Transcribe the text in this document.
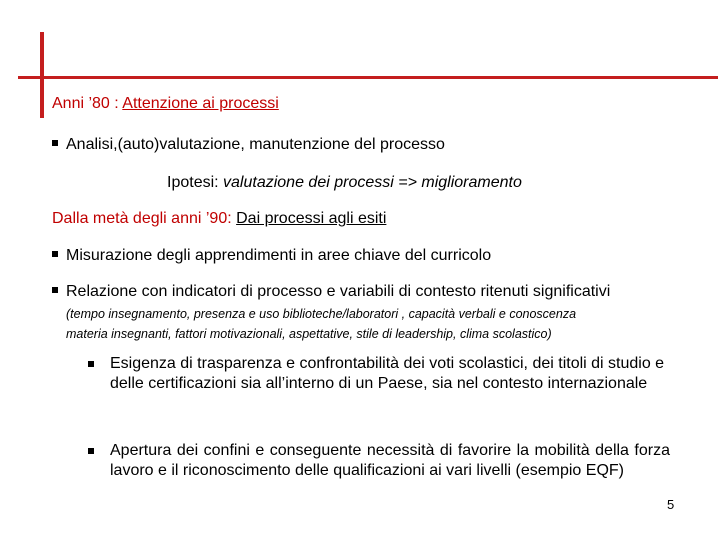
Anni ’80 : Attenzione ai processi
Analisi,(auto)valutazione, manutenzione del processo
Ipotesi: valutazione dei processi => miglioramento
Dalla metà degli anni ’90: Dai processi agli esiti
Misurazione degli apprendimenti in aree chiave del curricolo
Relazione con indicatori di processo e variabili di contesto ritenuti significativi
(tempo insegnamento, presenza e uso biblioteche/laboratori , capacità verbali e conoscenza
materia insegnanti, fattori motivazionali, aspettative, stile di leadership, clima scolastico)
Esigenza di trasparenza e confrontabilità dei voti scolastici, dei titoli di studio e delle certificazioni sia all’interno di un Paese, sia nel contesto internazionale
Apertura dei confini e conseguente necessità di favorire la mobilità della forza lavoro e il riconoscimento delle qualificazioni ai vari livelli (esempio EQF)
5
